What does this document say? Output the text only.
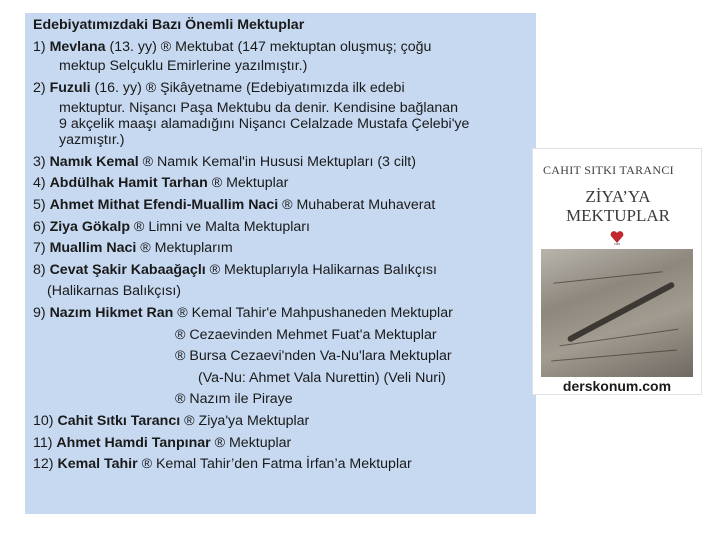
Edebiyatımızdaki Bazı Önemli Mektuplar
1) Mevlana (13. yy) ® Mektubat (147 mektuptan oluşmuş; çoğu
mektup Selçuklu Emirlerine yazılmıştır.)
2) Fuzuli (16. yy) ® Şikâyetname (Edebiyatımızda ilk edebi
mektuptur. Nişancı Paşa Mektubu da denir. Kendisine bağlanan
9 akçelik maaşı alamadığını Nişancı Celalzade Mustafa Çelebi'ye
yazmıştır.)
3) Namık Kemal ® Namık Kemal'in Hususi Mektupları (3 cilt)
4) Abdülhak Hamit Tarhan ® Mektuplar
5) Ahmet Mithat Efendi-Muallim Naci ® Muhaberat Muhaverat
6) Ziya Gökalp ® Limni ve Malta Mektupları
7) Muallim Naci ® Mektuplarım
8) Cevat Şakir Kabaağaçlı ® Mektuplarıyla Halikarnas Balıkçısı
(Halikarnas Balıkçısı)
9) Nazım Hikmet Ran ® Kemal Tahir'e Mahpushaneden Mektuplar
® Cezaevinden Mehmet Fuat'a Mektuplar
® Bursa Cezaevi'nden Va-Nu'lara Mektuplar
(Va-Nu: Ahmet Vala Nurettin) (Veli Nuri)
® Nazım ile Piraye
10) Cahit Sıtkı Tarancı ® Ziya'ya Mektuplar
11) Ahmet Hamdi Tanpınar ® Mektuplar
12) Kemal Tahir ® Kemal Tahir’den Fatma İrfan’a Mektuplar
CAHIT SITKI TARANCI
ZİYA’YA
MEKTUPLAR
ças
derskonum.com
